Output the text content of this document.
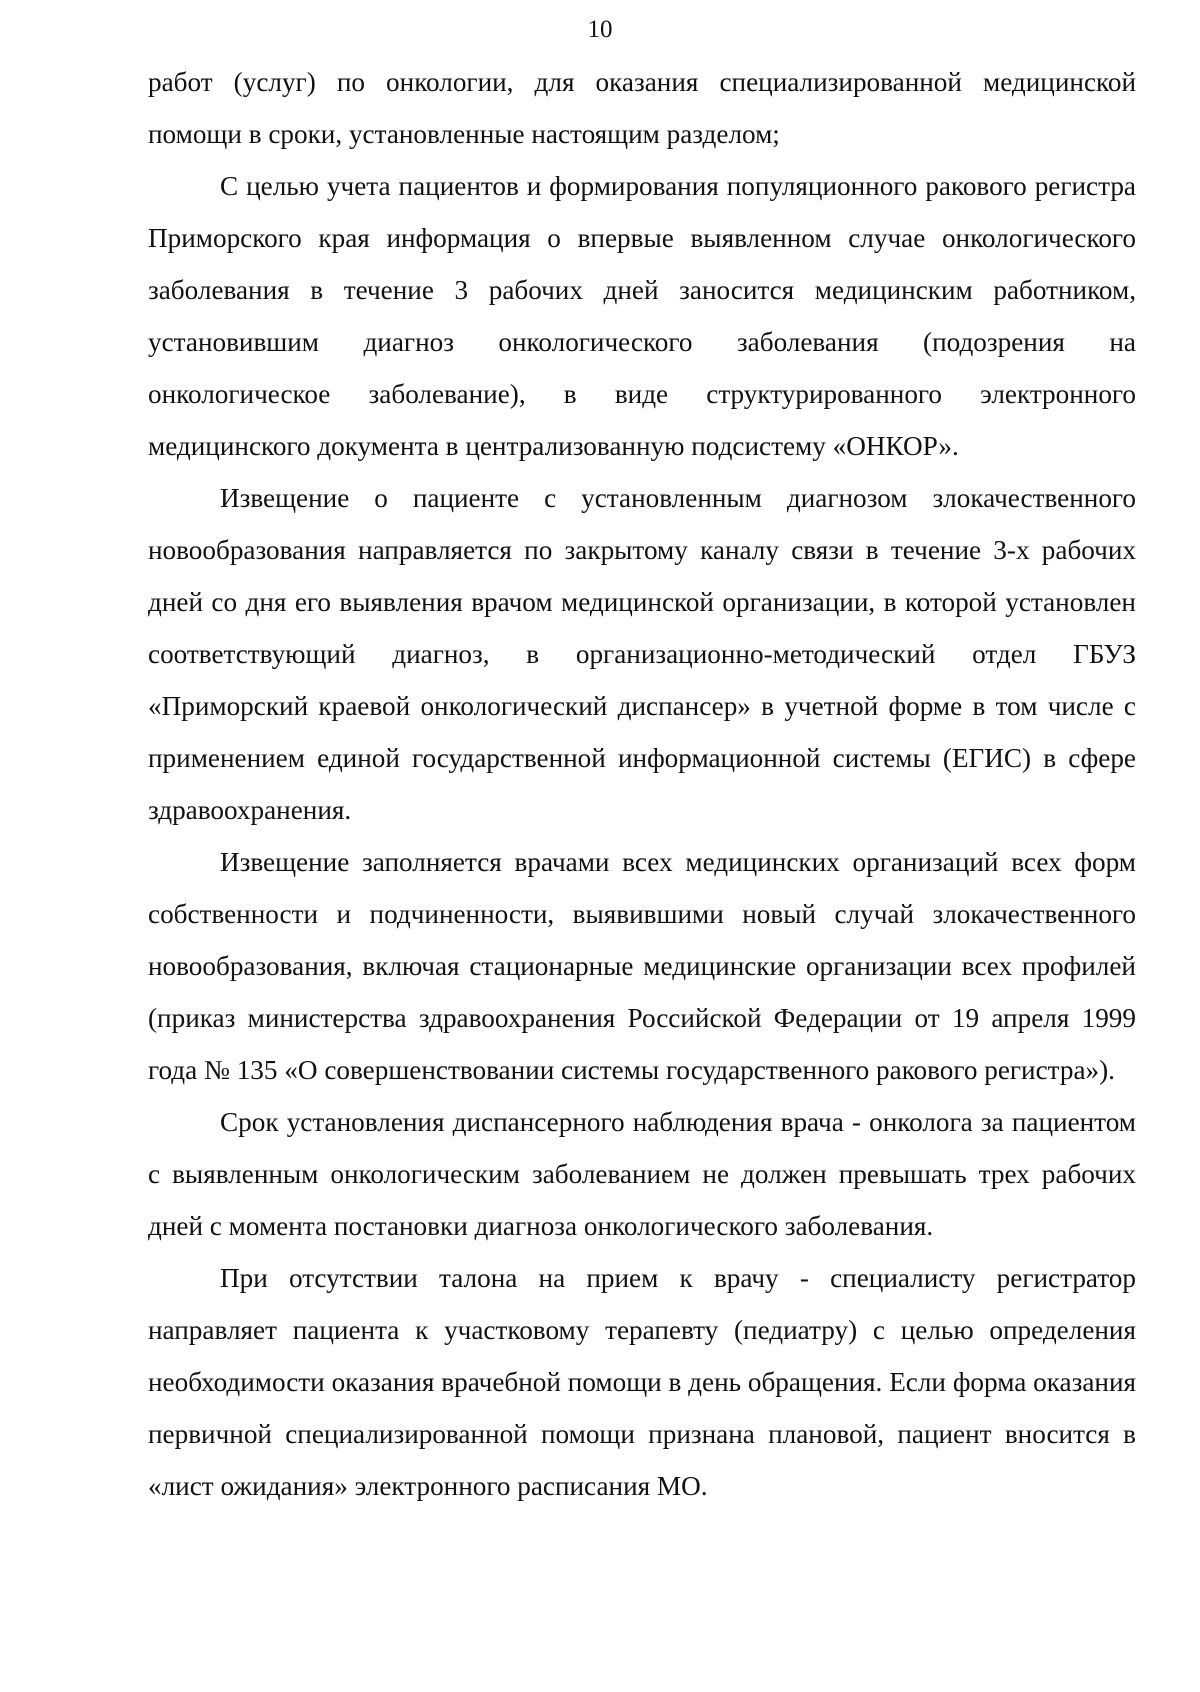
10

работ (услуг) по онкологии, для оказания специализированной медицинской помощи в сроки, установленные настоящим разделом;

С целью учета пациентов и формирования популяционного ракового регистра Приморского края информация о впервые выявленном случае онкологического заболевания в течение 3 рабочих дней заносится медицинским работником, установившим диагноз онкологического заболевания (подозрения на онкологическое заболевание), в виде структурированного электронного медицинского документа в централизованную подсистему «ОНКОР».

Извещение о пациенте с установленным диагнозом злокачественного новообразования направляется по закрытому каналу связи в течение 3-х рабочих дней со дня его выявления врачом медицинской организации, в которой установлен соответствующий диагноз, в организационно-методический отдел ГБУЗ «Приморский краевой онкологический диспансер» в учетной форме в том числе с применением единой государственной информационной системы (ЕГИС) в сфере здравоохранения.

Извещение заполняется врачами всех медицинских организаций всех форм собственности и подчиненности, выявившими новый случай злокачественного новообразования, включая стационарные медицинские организации всех профилей (приказ министерства здравоохранения Российской Федерации от 19 апреля 1999 года № 135 «О совершенствовании системы государственного ракового регистра»).

Срок установления диспансерного наблюдения врача - онколога за пациентом с выявленным онкологическим заболеванием не должен превышать трех рабочих дней с момента постановки диагноза онкологического заболевания.

При отсутствии талона на прием к врачу - специалисту регистратор направляет пациента к участковому терапевту (педиатру) с целью определения необходимости оказания врачебной помощи в день обращения. Если форма оказания первичной специализированной помощи признана плановой, пациент вносится в «лист ожидания» электронного расписания МО.
